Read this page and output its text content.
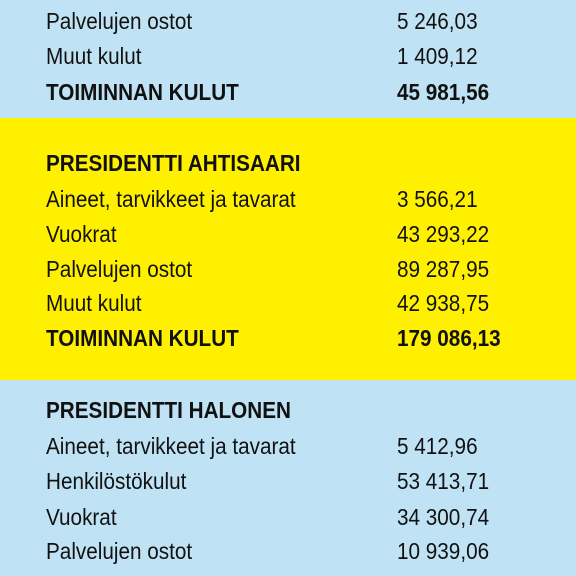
Palvelujen ostot	5 246,03
Muut kulut	1 409,12
TOIMINNAN KULUT	45 981,56
PRESIDENTTI AHTISAARI
Aineet, tarvikkeet ja tavarat	3 566,21
Vuokrat	43 293,22
Palvelujen ostot	89 287,95
Muut kulut	42 938,75
TOIMINNAN KULUT	179 086,13
PRESIDENTTI HALONEN
Aineet, tarvikkeet ja tavarat	5 412,96
Henkilöstökulut	53 413,71
Vuokrat	34 300,74
Palvelujen ostot	10 939,06
